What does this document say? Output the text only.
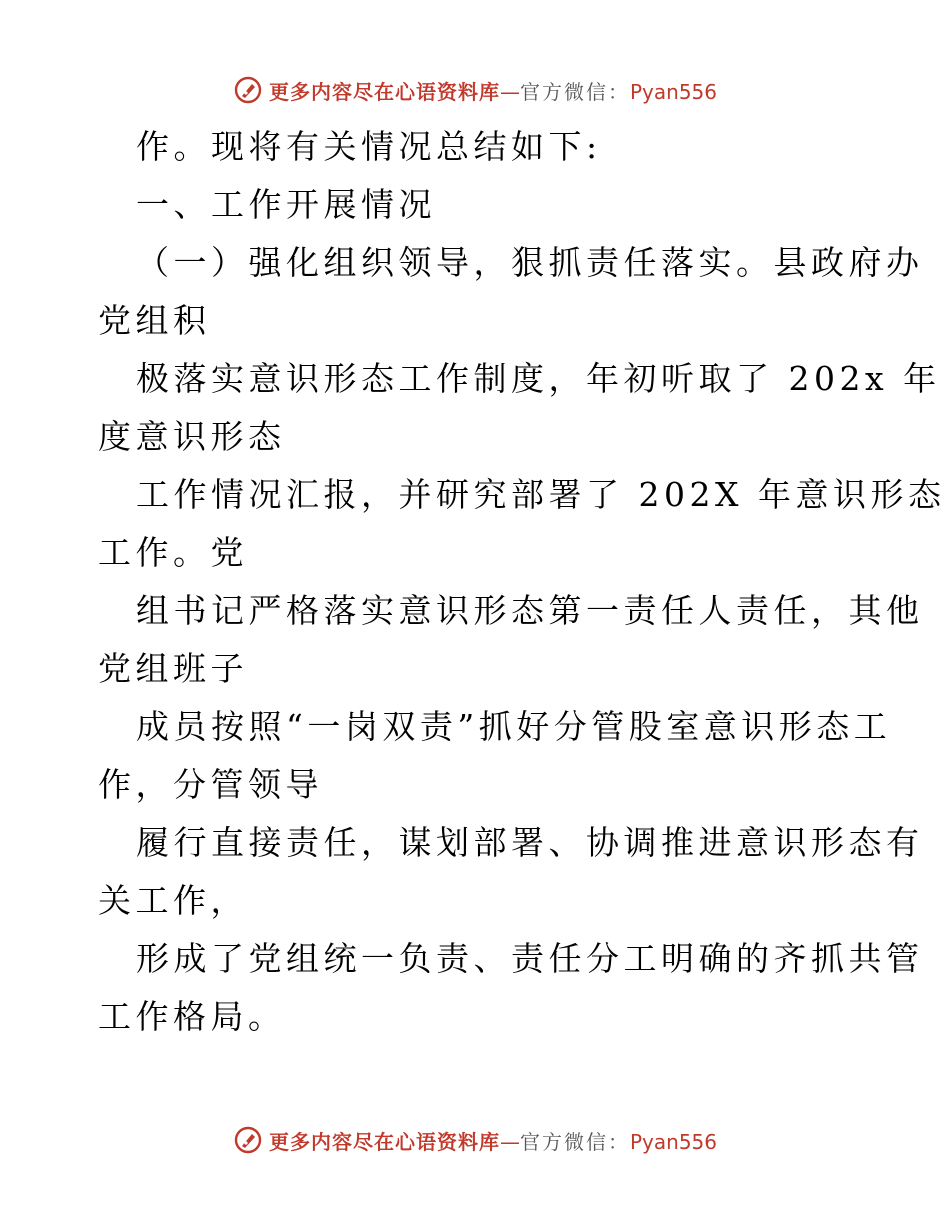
更多内容尽在心语资料库—官方微信：Pyan556
作。现将有关情况总结如下:
一、工作开展情况
（一）强化组织领导，狠抓责任落实。县政府办
党组积
极落实意识形态工作制度，年初听取了 202x 年
度意识形态
工作情况汇报，并研究部署了 202X 年意识形态
工作。党
组书记严格落实意识形态第一责任人责任，其他
党组班子
成员按照“一岗双责”抓好分管股室意识形态工
作，分管领导
履行直接责任，谋划部署、协调推进意识形态有
关工作，
形成了党组统一负责、责任分工明确的齐抓共管
工作格局。
更多内容尽在心语资料库—官方微信：Pyan556
